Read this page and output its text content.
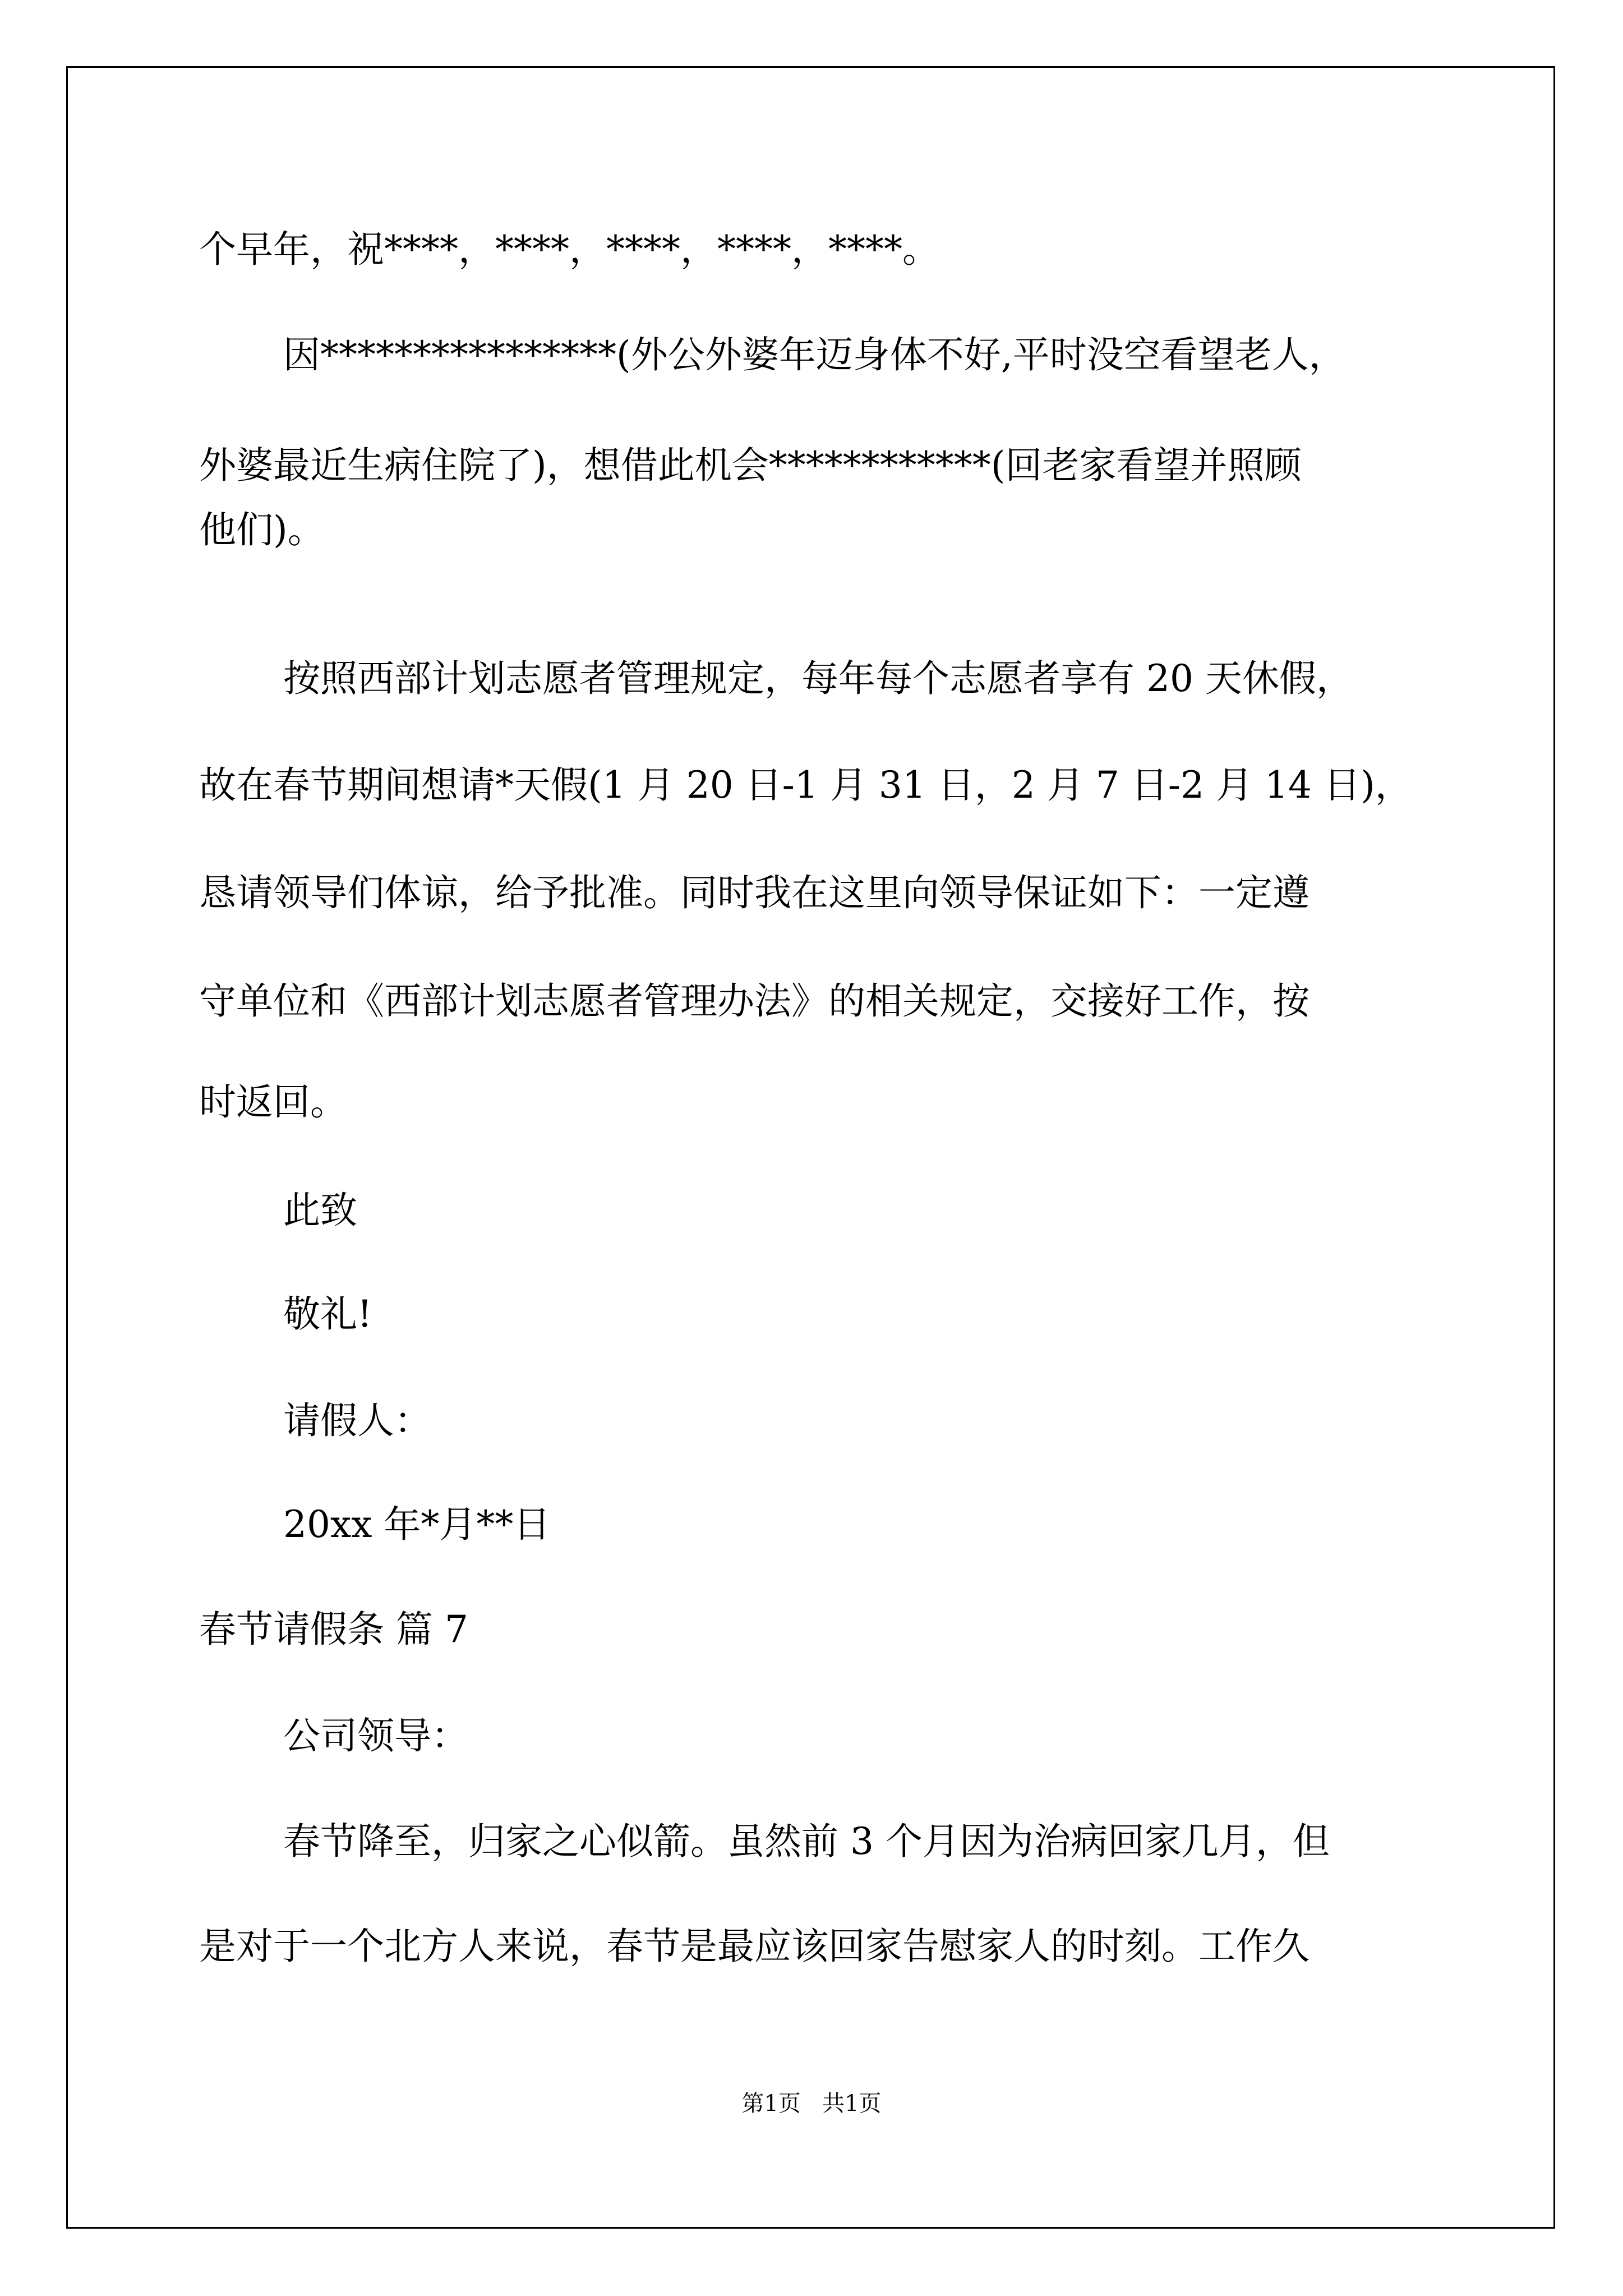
个早年，祝****，****，****，****，****。

因****************(外公外婆年迈身体不好,平时没空看望老人，

外婆最近生病住院了)，想借此机会************(回老家看望并照顾

他们)。

按照西部计划志愿者管理规定，每年每个志愿者享有 20 天休假，

故在春节期间想请*天假(1 月 20 日-1 月 31 日，2 月 7 日-2 月 14 日)，

恳请领导们体谅，给予批准。同时我在这里向领导保证如下：一定遵

守单位和《西部计划志愿者管理办法》的相关规定，交接好工作，按

时返回。

此致

敬礼!

请假人：

20xx 年*月**日

春节请假条 篇 7

公司领导：

春节降至，归家之心似箭。虽然前 3 个月因为治病回家几月，但

是对于一个北方人来说，春节是最应该回家告慰家人的时刻。工作久

第1页   共1页
